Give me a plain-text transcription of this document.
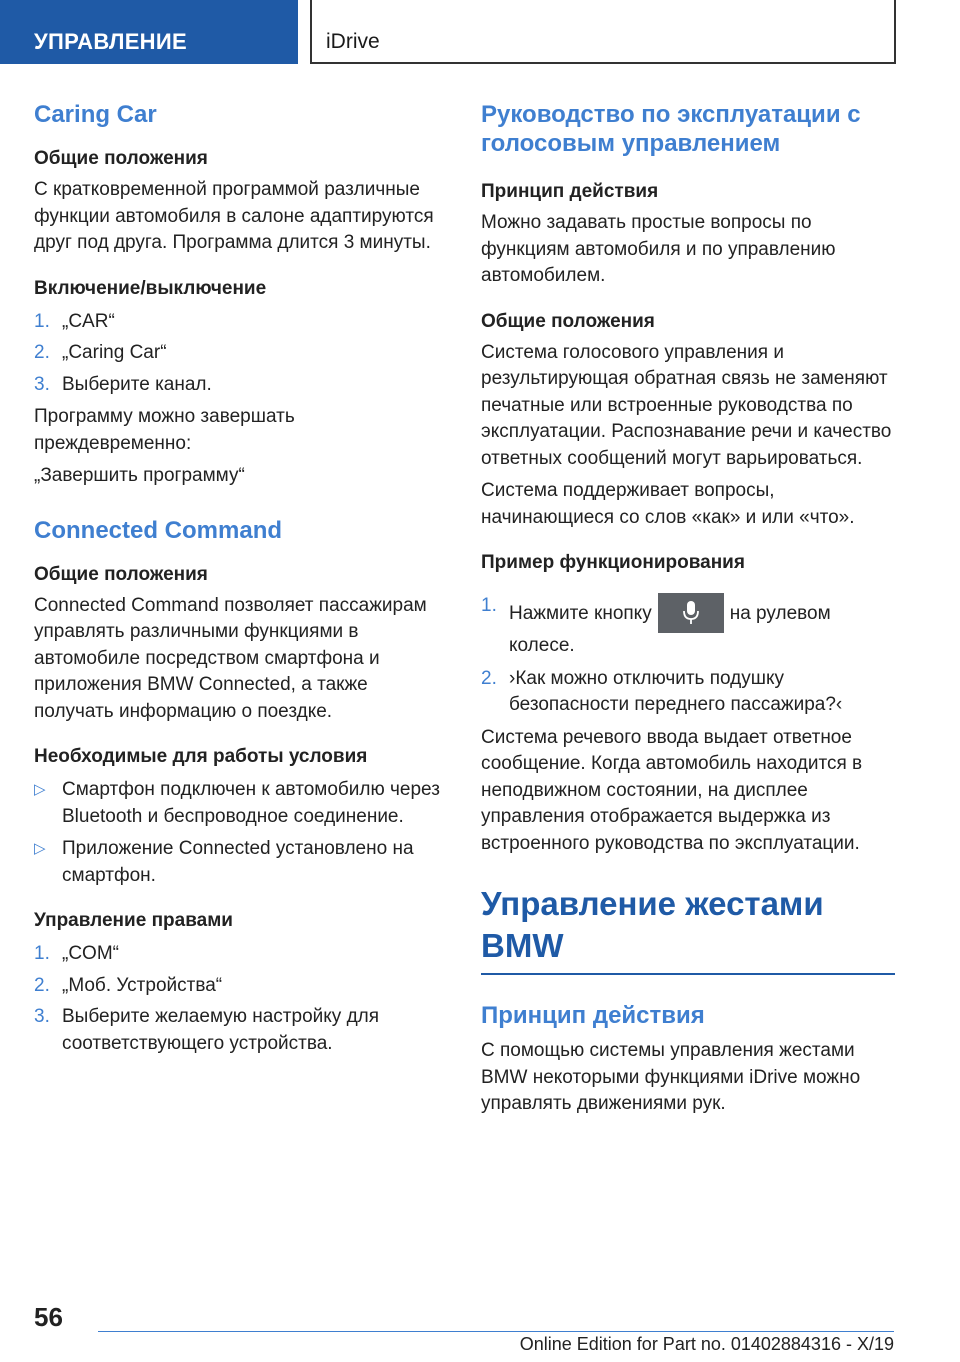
УПРАВЛЕНИЕ	iDrive
Caring Car
Общие положения

С кратковременной программой различные функции автомобиля в салоне адаптируются друг под друга. Программа длится 3 минуты.

Включение/выключение
1. „CAR“
2. „Caring Car“
3. Выберите канал.

Программу можно завершать преждевременно:

„Завершить программу“

Connected Command
Общие положения

Connected Command позволяет пассажирам управлять различными функциями в автомобиле посредством смартфона и приложения BMW Connected, а также получать информацию о поездке.

Необходимые для работы условия
▷ Смартфон подключен к автомобилю через Bluetooth и беспроводное соединение.
▷ Приложение Connected установлено на смартфон.
Управление правами
1. „COM“
2. „Моб. Устройства“
3. Выберите желаемую настройку для соответствующего устройства.
Руководство по эксплуатации с голосовым управлением
Принцип действия

Можно задавать простые вопросы по функциям автомобиля и по управлению автомобилем.

Общие положения

Система голосового управления и результирующая обратная связь не заменяют печатные или встроенные руководства по эксплуатации. Распознавание речи и качество ответных сообщений могут варьироваться.

Система поддерживает вопросы, начинающиеся со слов «как» и или «что».

Пример функционирования
1. Нажмите кнопку	на рулевом колесе.
2. ›Как можно отключить подушку безопасности переднего пассажира?‹

Система речевого ввода выдает ответное сообщение. Когда автомобиль находится в неподвижном состоянии, на дисплее управления отображается выдержка из встроенного руководства по эксплуатации.

Управление жестами BMW
Принцип действия

С помощью системы управления жестами BMW некоторыми функциями iDrive можно управлять движениями рук.

56
Online Edition for Part no. 01402884316 - X/19
